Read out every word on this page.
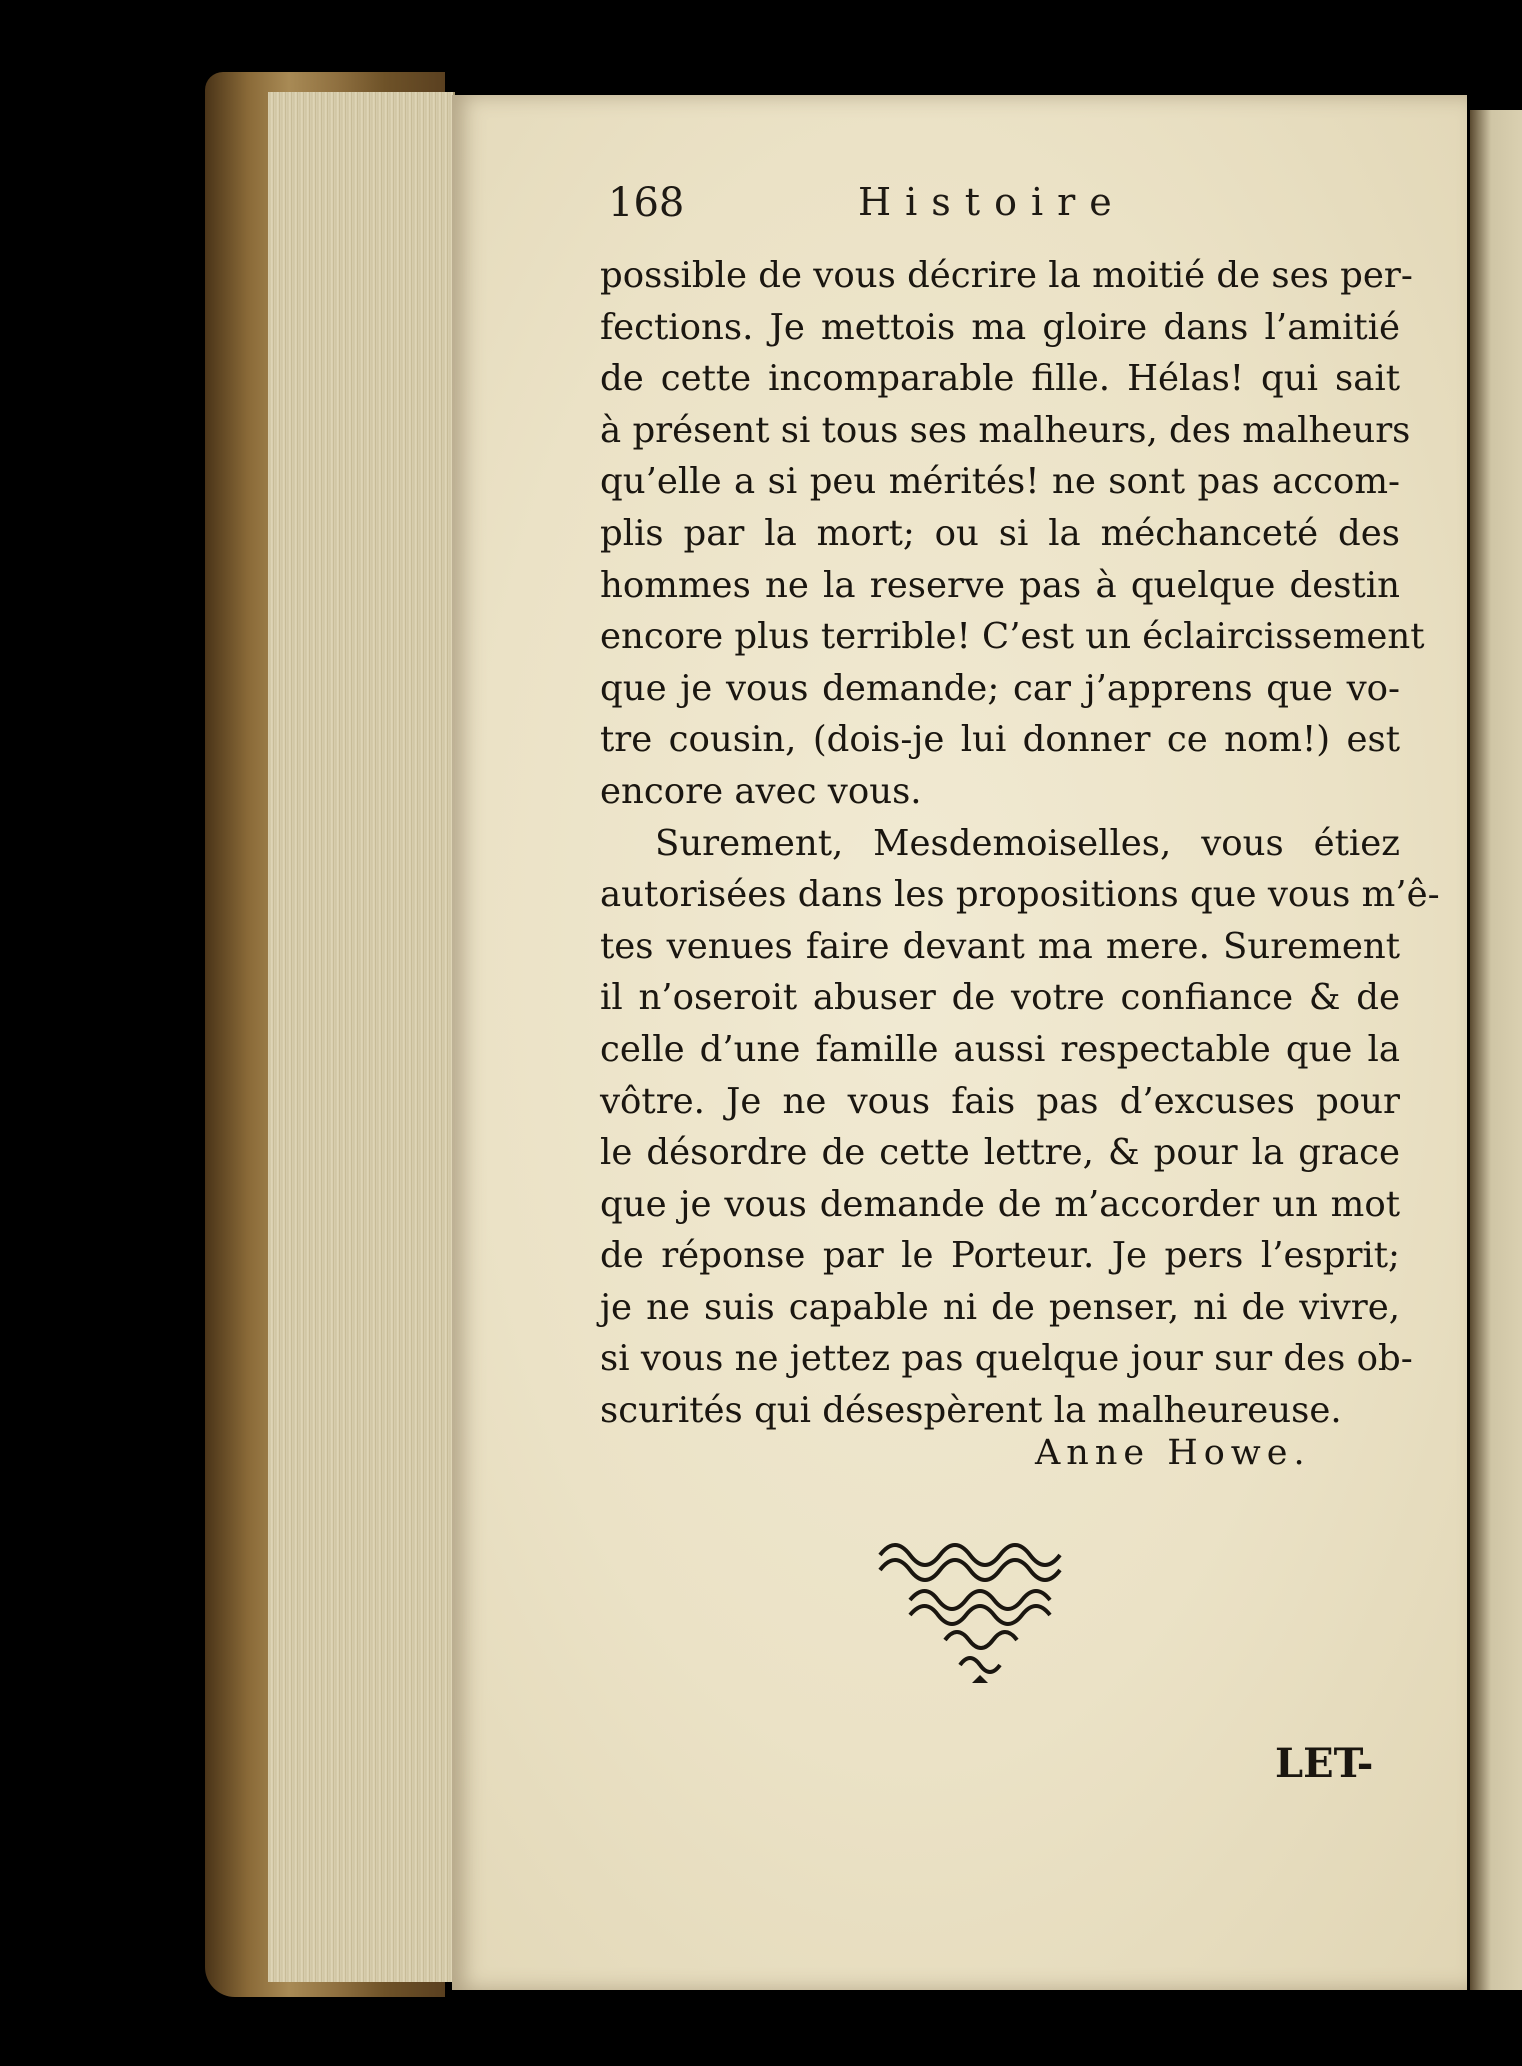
168	Histoire
possible de vous décrire la moitié de ses per-
fections. Je mettois ma gloire dans l’amitié
de cette incomparable fille. Hélas! qui sait
à présent si tous ses malheurs, des malheurs
qu’elle a si peu mérités! ne sont pas accom-
plis par la mort; ou si la méchanceté des
hommes ne la reserve pas à quelque destin
encore plus terrible! C’est un éclaircissement
que je vous demande; car j’apprens que vo-
tre cousin, (dois-je lui donner ce nom!) est
encore avec vous.
Surement, Mesdemoiselles, vous étiez
autorisées dans les propositions que vous m’ê-
tes venues faire devant ma mere. Surement
il n’oseroit abuser de votre confiance & de
celle d’une famille aussi respectable que la
vôtre. Je ne vous fais pas d’excuses pour
le désordre de cette lettre, & pour la grace
que je vous demande de m’accorder un mot
de réponse par le Porteur. Je pers l’esprit;
je ne suis capable ni de penser, ni de vivre,
si vous ne jettez pas quelque jour sur des ob-
scurités qui désespèrent la malheureuse.
Anne Howe.
LET-
